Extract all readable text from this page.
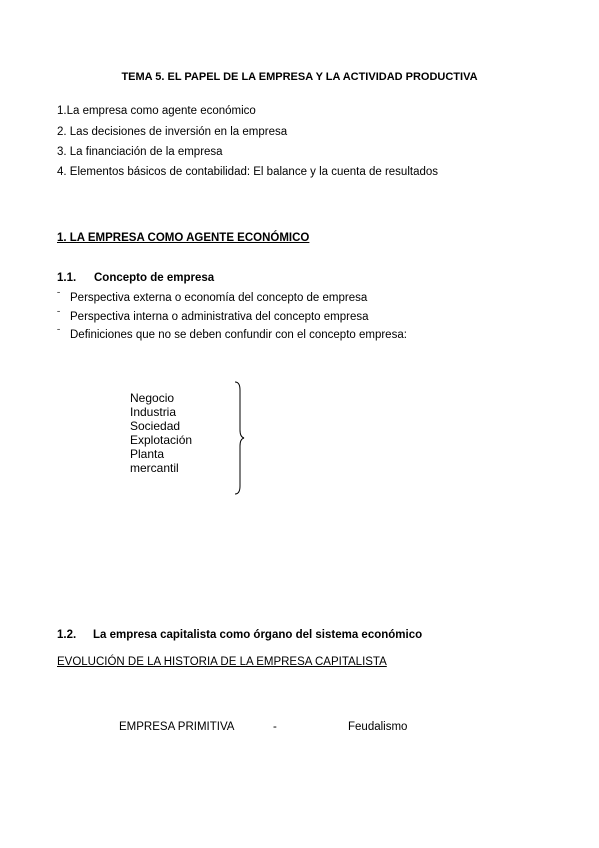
TEMA 5. EL PAPEL DE LA EMPRESA Y LA ACTIVIDAD PRODUCTIVA
1.La empresa como agente económico
2. Las decisiones de inversión en la empresa
3. La financiación de la empresa
4. Elementos básicos de contabilidad: El balance y la cuenta de resultados
1. LA EMPRESA COMO AGENTE ECONÓMICO
1.1. Concepto de empresa
ˉ Perspectiva externa o economía del concepto de empresa
ˉ Perspectiva interna o administrativa del concepto empresa
ˉ Definiciones que no se deben confundir con el concepto empresa:
Negocio
Industria
Sociedad
Explotación
Planta
mercantil
1.2. La empresa capitalista como órgano del sistema económico
EVOLUCIÓN DE LA HISTORIA DE LA EMPRESA CAPITALISTA
EMPRESA PRIMITIVA	-	Feudalismo
